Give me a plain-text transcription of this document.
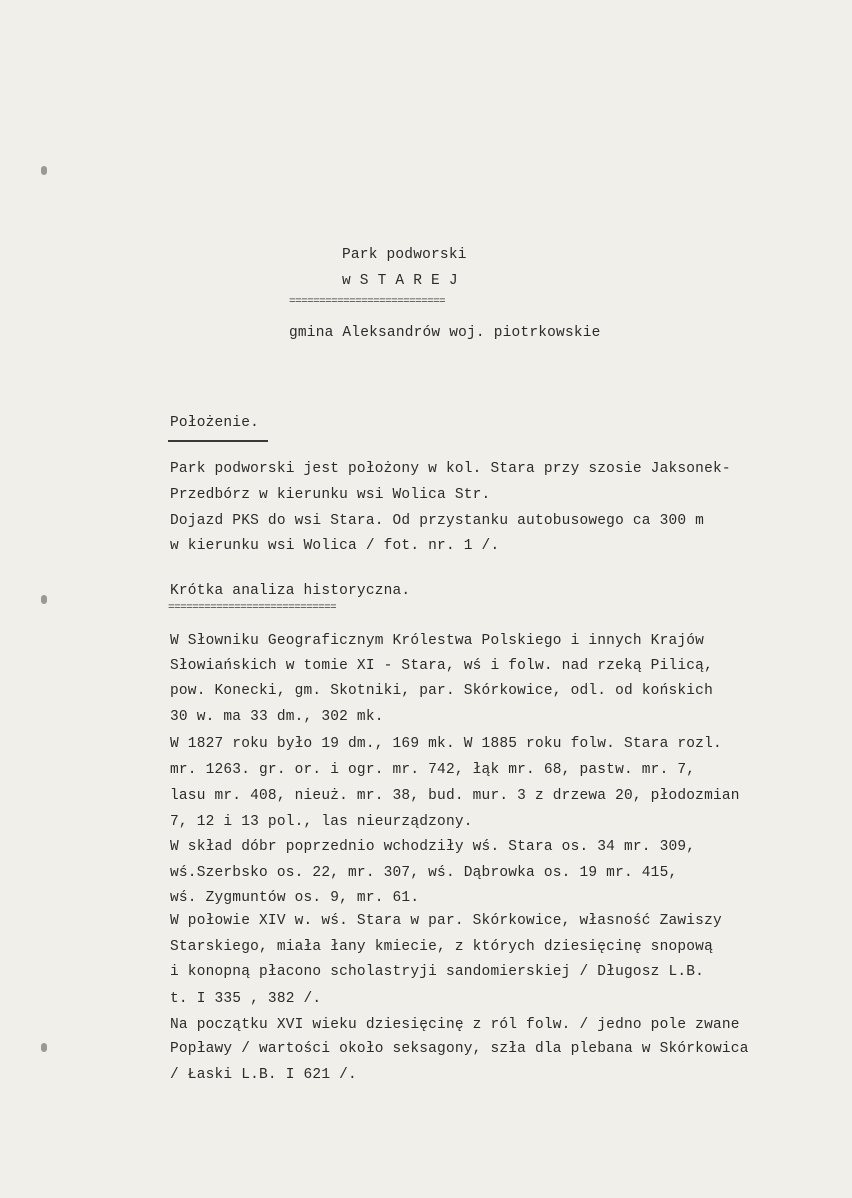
Park podworski
w S T A R E J
==========================
gmina Aleksandrów woj. piotrkowskie
Położenie.
Park podworski jest położony w kol. Stara przy szosie Jaksonek-
Przedbórz w kierunku wsi Wolica Str.
Dojazd PKS do wsi Stara. Od przystanku autobusowego ca 300 m
w kierunku wsi Wolica / fot. nr. 1 /.
Krótka analiza historyczna.
============================
W Słowniku Geograficznym Królestwa Polskiego i innych Krajów
Słowiańskich w tomie XI - Stara, wś i folw. nad rzeką Pilicą,
pow. Konecki, gm. Skotniki, par. Skórkowice, odl. od końskich
30 w. ma 33 dm., 302 mk.
W 1827 roku było 19 dm., 169 mk. W 1885 roku folw. Stara rozl.
mr. 1263. gr. or. i ogr. mr. 742, łąk mr. 68, pastw. mr. 7,
lasu mr. 408, nieuż. mr. 38, bud. mur. 3 z drzewa 20, płodozmian
7, 12 i 13 pol., las nieurządzony.
W skład dóbr poprzednio wchodziły wś. Stara os. 34 mr. 309,
wś.Szerbsko os. 22, mr. 307, wś. Dąbrowka os. 19 mr. 415,
wś. Zygmuntów os. 9, mr. 61.
W połowie XIV w. wś. Stara w par. Skórkowice, własność Zawiszy
Starskiego, miała łany kmiecie, z których dziesięcinę snopową
i konopną płacono scholastryji sandomierskiej / Długosz L.B.
t. I 335 , 382 /.
Na początku XVI wieku dziesięcinę z ról folw. / jedno pole zwane
Popławy / wartości około seksagony, szła dla plebana w Skórkowica
/ Łaski L.B. I 621 /.
